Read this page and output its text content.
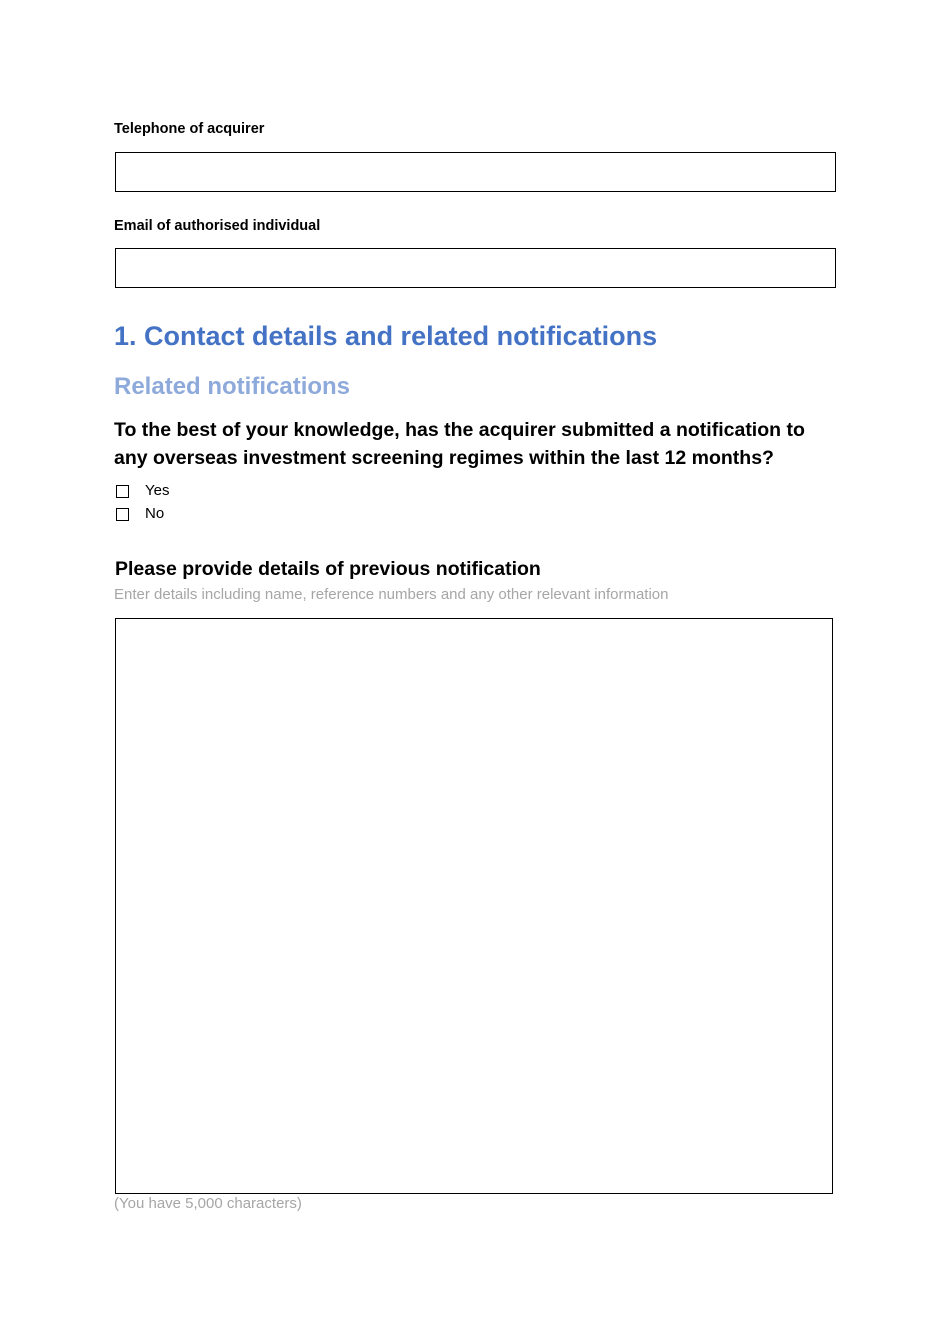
Telephone of acquirer
Email of authorised individual
1. Contact details and related notifications
Related notifications
To the best of your knowledge, has the acquirer submitted a notification to any overseas investment screening regimes within the last 12 months?
Yes
No
Please provide details of previous notification
Enter details including name, reference numbers and any other relevant information
(You have 5,000 characters)
